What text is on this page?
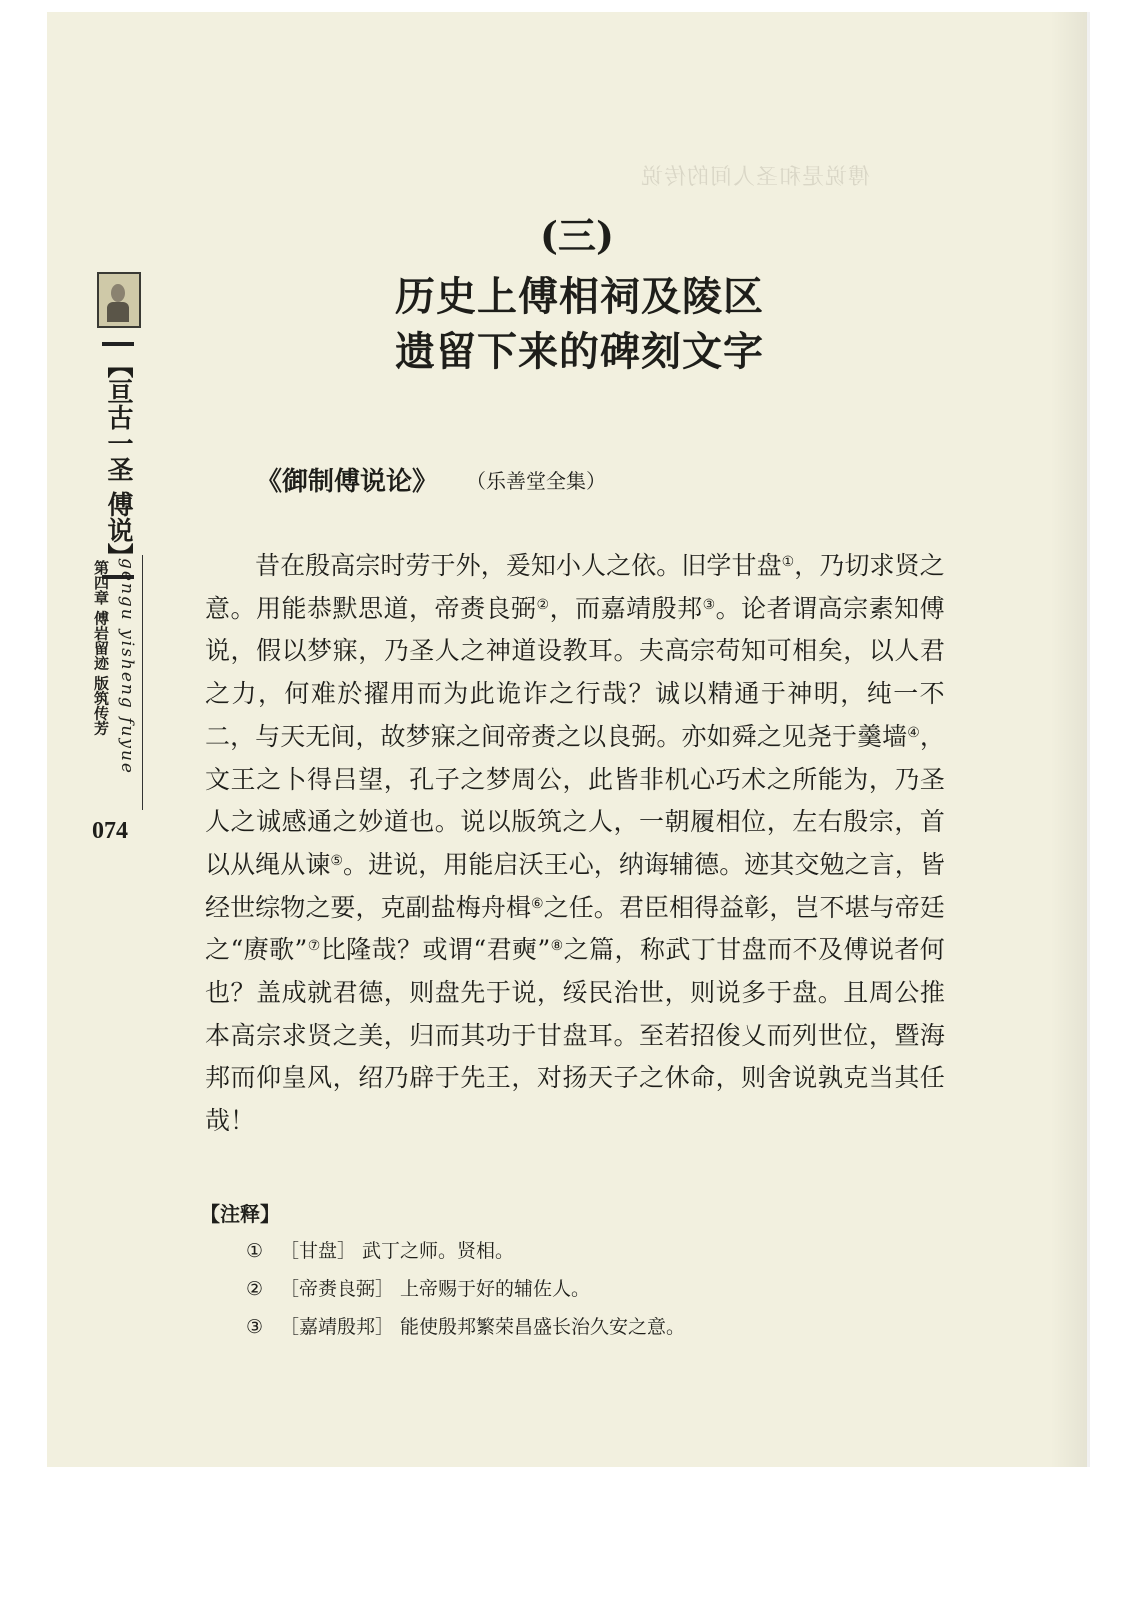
傅说是和圣人间的传说
(三)
历史上傅相祠及陵区
遗留下来的碑刻文字
【亘古一圣 傅说】
第四章 傅岩留迹 版筑传芳 gengu yisheng fuyue
074
《御制傅说论》 （乐善堂全集）

昔在殷高宗时劳于外，爰知小人之依。旧学甘盘①，乃切求贤之意。用能恭默思道，帝赉良弼②，而嘉靖殷邦③。论者谓高宗素知傅说，假以梦寐，乃圣人之神道设教耳。夫高宗苟知可相矣，以人君之力，何难於擢用而为此诡诈之行哉？诚以精通于神明，纯一不二，与天无间，故梦寐之间帝赉之以良弼。亦如舜之见尧于羹墙④，文王之卜得吕望，孔子之梦周公，此皆非机心巧术之所能为，乃圣人之诚感通之妙道也。说以版筑之人，一朝履相位，左右殷宗，首以从绳从谏⑤。进说，用能启沃王心，纳诲辅德。迹其交勉之言，皆经世综物之要，克副盐梅舟楫⑥之任。君臣相得益彰，岂不堪与帝廷之“赓歌”⑦比隆哉？或谓“君奭”⑧之篇，称武丁甘盘而不及傅说者何也？盖成就君德，则盘先于说，绥民治世，则说多于盘。且周公推本高宗求贤之美，归而其功于甘盘耳。至若招俊乂而列世位，暨海邦而仰皇风，绍乃辟于先王，对扬天子之休命，则舍说孰克当其任哉！

【注释】
① ［甘盘］ 武丁之师。贤相。
② ［帝赉良弼］ 上帝赐于好的辅佐人。
③ ［嘉靖殷邦］ 能使殷邦繁荣昌盛长治久安之意。
